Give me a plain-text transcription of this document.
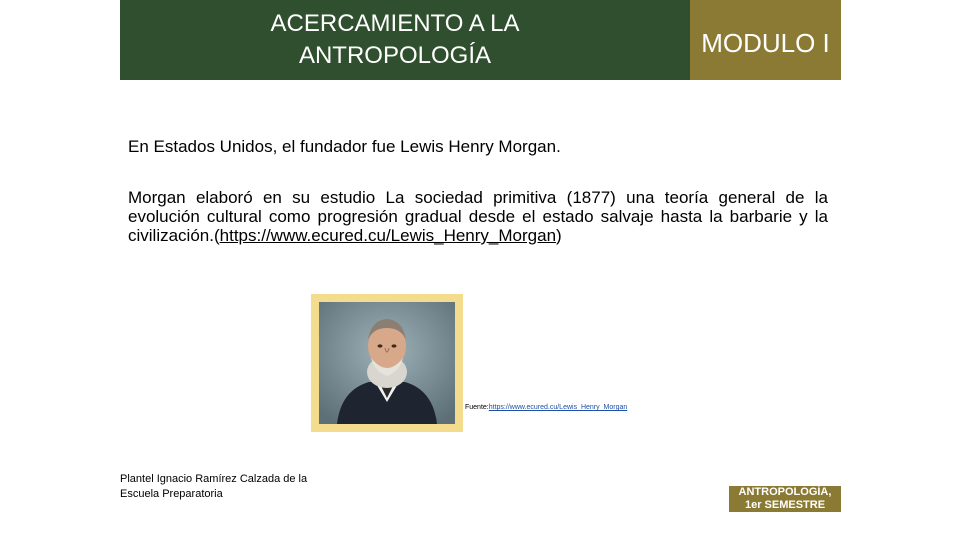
ACERCAMIENTO A LA
ANTROPOLOGÍA	MODULO I

En Estados Unidos, el fundador fue Lewis Henry Morgan.

Morgan elaboró en su estudio La sociedad primitiva (1877) una teoría general de la evolución cultural como progresión gradual desde el estado salvaje hasta la barbarie y la civilización.(https://www.ecured.cu/Lewis_Henry_Morgan)

Fuente:https://www.ecured.cu/Lewis_Henry_Morgan
Plantel Ignacio Ramírez Calzada de la
Escuela Preparatoria	ANTROPOLOGÍA,
1er SEMESTRE
